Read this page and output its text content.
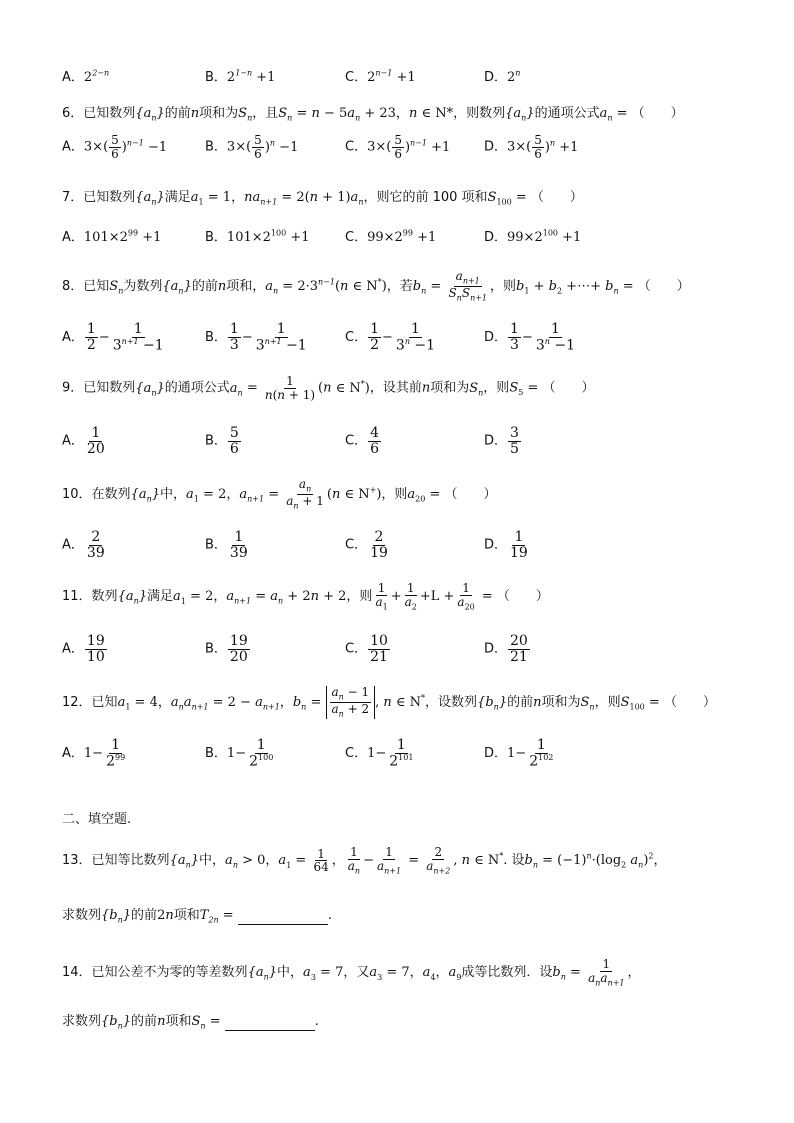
A．$2^{2-n}$	B．$2^{1-n} +1$	C．$2^{n-1} +1$	D．2$^n$
6．已知数列$\{a_n\}$的前n项和为$S_n$，且$S_n = n - 5a_n + 23$，n ∈ N*，则数列$\{a_n\}$的通项公式$a_n$ = （　　）
A．$3\times( \frac{5}{6} )^{n-1} -1$	B．$3\times( \frac{5}{6} )^n -1$	C．$3\times( \frac{5}{6} )^{n-1} +1$	D．$3\times( \frac{5}{6} )^n +1$
7．已知数列$\{a_n\}$满足$a_1 = 1$，$na_{n+1} = 2(n + 1)a_n$，则它的前 100 项和$S_{100}$ = （　　）
A．$101\times 2^{99} +1$	B．$101\times 2^{100} +1$	C．$99\times 2^{99} +1$	D．$99\times 2^{100} +1$
8．已知$S_n$为数列$\{a_n\}$的前n项和，$a_n = 2\cdot 3^{n-1}(n$ ∈ N*)，若$b_n = \frac{a_{n+1}}{S_nS_{n+1}}$ ，则$b_1 + b_2$ +⋯+ $b_n$ = （　　）
A． $\frac{1}{2} - \frac{1}{3^{n+1} -1}$	B． $\frac{1}{3} - \frac{1}{3^{n+1} -1}$	C． $\frac{1}{2} - \frac{1}{3^n -1}$	D． $\frac{1}{3} - \frac{1}{3^n -1}$
9．已知数列$\{a_n\}$的通项公式$a_n = \frac{1}{n(n + 1)} (n$ ∈ N*)，设其前n项和为$S_n$，则$S_5$ = （　　）
A． $\frac{1}{20}$	B． $\frac{5}{6}$	C． $\frac{4}{6}$	D． $\frac{3}{5}$
10．在数列$\{a_n\}$中，$a_1 = 2$，$a_{n+1} = \frac{a_n}{a_n + 1} (n$ ∈ N+)，则$a_{20}$ = （　　）
A． $\frac{2}{39}$	B． $\frac{1}{39}$	C． $\frac{2}{19}$	D． $\frac{1}{19}$
11．数列$\{a_n\}$满足$a_1 = 2$，$a_{n+1} = a_n + 2n + 2$，则 $\frac{1}{a_1} + \frac{1}{a_2} +L + \frac{1}{a_{20}}$ = （　　）
A． $\frac{19}{10}$	B． $\frac{19}{20}$	C． $\frac{10}{21}$	D． $\frac{20}{21}$
12．已知$a_1 = 4$，$a_na_{n+1} = 2 - a_{n+1}$，$b_n = \frac{a_n - 1}{a_n + 2}$ , n ∈ N*，设数列$\{b_n\}$的前n项和为$S_n$，则$S_{100}$ = （　　）
A．$1- \frac{1}{2^{99}}$	B．$1- \frac{1}{2^{100}}$	C．$1- \frac{1}{2^{101}}$	D．$1- \frac{1}{2^{102}}$
二、填空题.
13．已知等比数列$\{a_n\}$中，$a_n > 0$，$a_1 = \frac{1}{64}$ ， $\frac{1}{a_n} - \frac{1}{a_{n+1}} = \frac{2}{a_{n+2}}$ , n ∈ N*. 设$b_n = (-1)^n\cdot(\log_2$ $a_n)^2$，
求数列$\{b_n\}$的前2n项和$T_{2n}$ =	.
14．已知公差不为零的等差数列$\{a_n\}$中，$a_3 = 7$，又$a_3 = 7$，$a_4$，$a_9$成等比数列．设$b_n = \frac{1}{a_na_{n+1}}$ ，
求数列$\{b_n\}$的前n项和$S_n$ =	.
